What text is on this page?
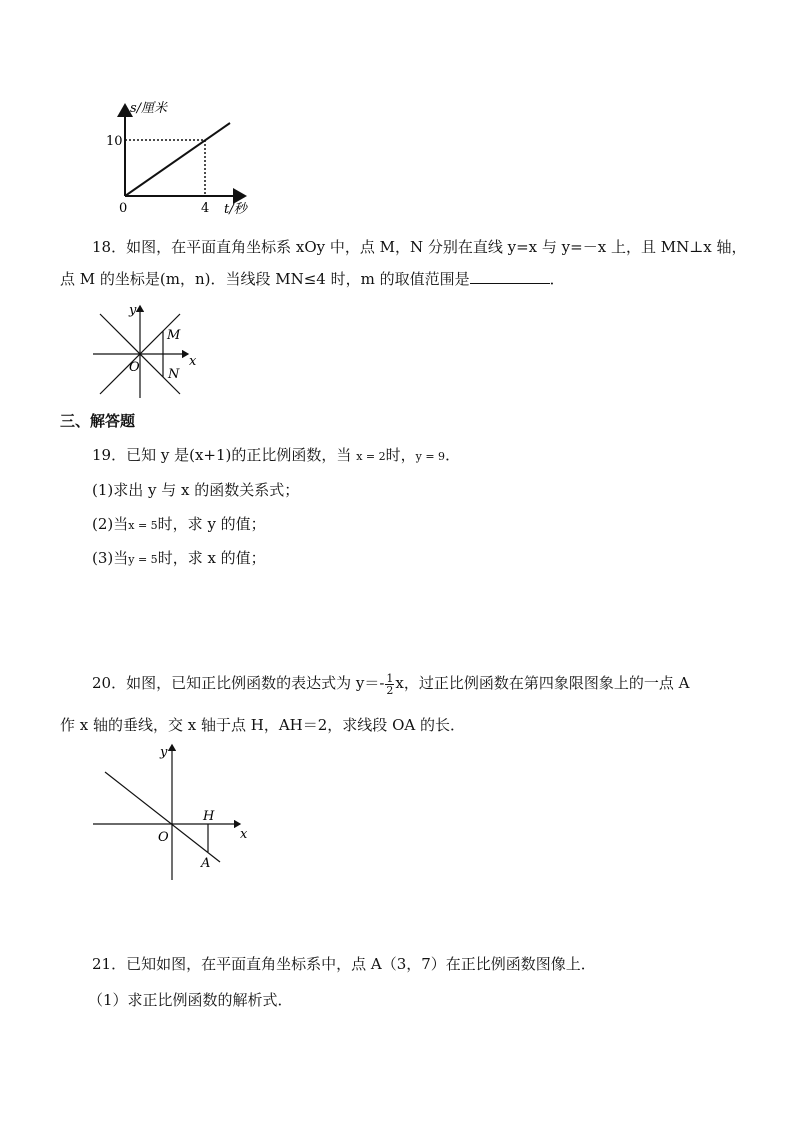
s/厘米
t/秒
0
10
4
18．如图，在平面直角坐标系 xOy 中，点 M，N 分别在直线 y=x 与 y=－x 上，且 MN⊥x 轴，
点 M 的坐标是(m，n)．当线段 MN≤4 时，m 的取值范围是	．
y
x
O
M
N
三、解答题
19．已知 y 是(x+1)的正比例函数，当 x = 2时，y = 9．
(1)求出 y 与 x 的函数关系式；
(2)当x = 5时，求 y 的值；
(3)当y = 5时，求 x 的值；
20．如图，已知正比例函数的表达式为 $y=- \frac{1}{2}$ x，过正比例函数在第四象限图象上的一点 A
作 x 轴的垂线，交 x 轴于点 H，AH＝2，求线段 OA 的长．
y
x
O
H
A
21．已知如图，在平面直角坐标系中，点 A（3，7）在正比例函数图像上．
（1）求正比例函数的解析式．
